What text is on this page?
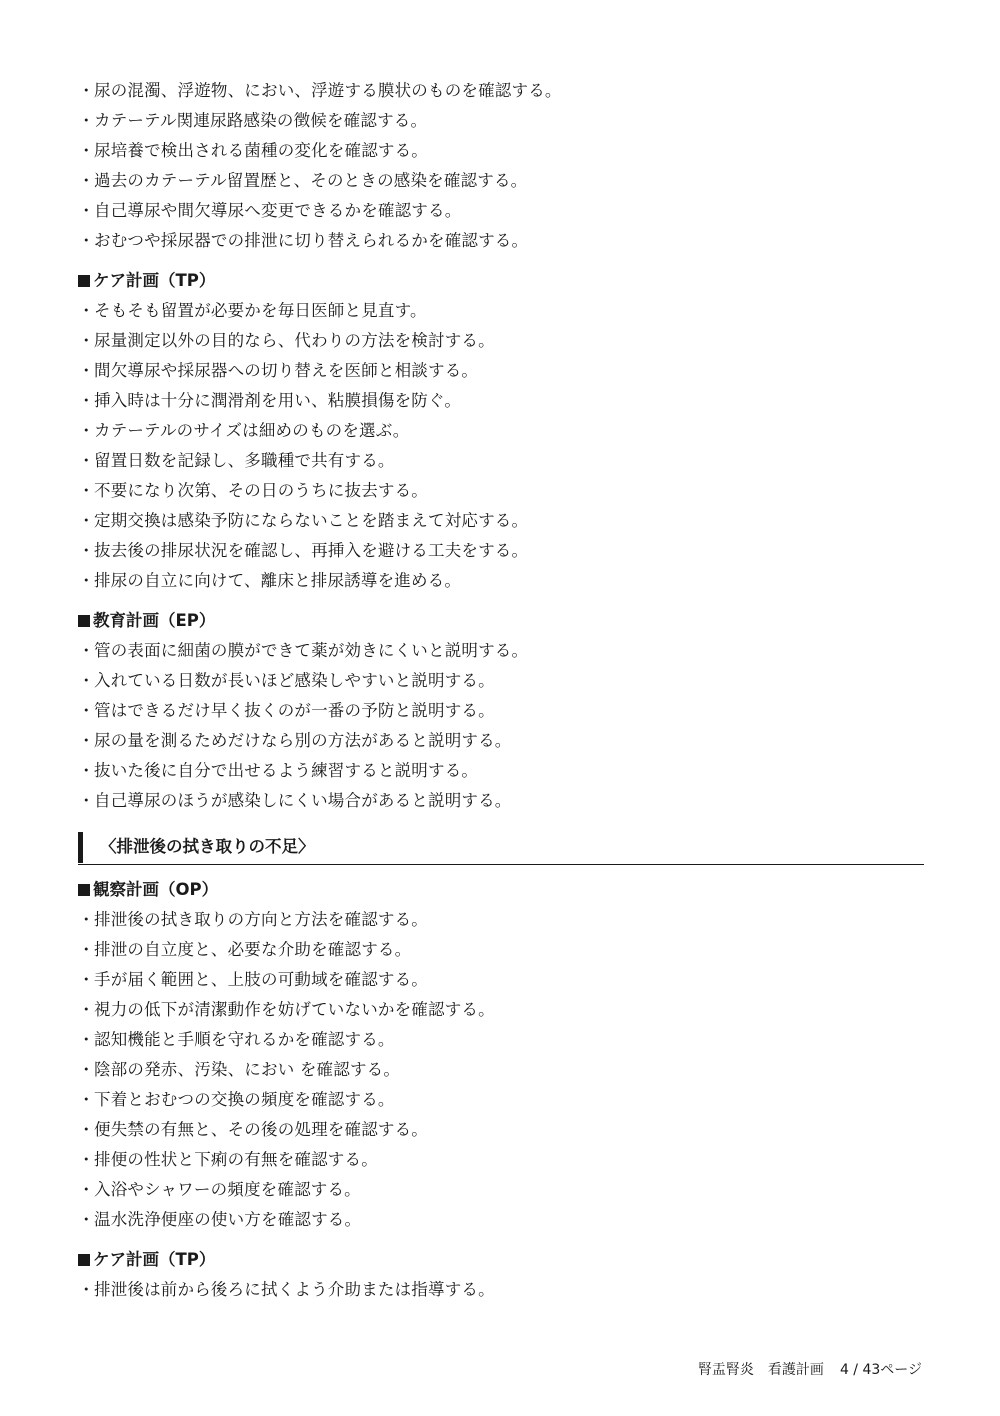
・尿の混濁、浮遊物、におい、浮遊する膜状のものを確認する。
・カテーテル関連尿路感染の徴候を確認する。
・尿培養で検出される菌種の変化を確認する。
・過去のカテーテル留置歴と、そのときの感染を確認する。
・自己導尿や間欠導尿へ変更できるかを確認する。
・おむつや採尿器での排泄に切り替えられるかを確認する。
ケア計画（TP）
・そもそも留置が必要かを毎日医師と見直す。
・尿量測定以外の目的なら、代わりの方法を検討する。
・間欠導尿や採尿器への切り替えを医師と相談する。
・挿入時は十分に潤滑剤を用い、粘膜損傷を防ぐ。
・カテーテルのサイズは細めのものを選ぶ。
・留置日数を記録し、多職種で共有する。
・不要になり次第、その日のうちに抜去する。
・定期交換は感染予防にならないことを踏まえて対応する。
・抜去後の排尿状況を確認し、再挿入を避ける工夫をする。
・排尿の自立に向けて、離床と排尿誘導を進める。
教育計画（EP）
・管の表面に細菌の膜ができて薬が効きにくいと説明する。
・入れている日数が長いほど感染しやすいと説明する。
・管はできるだけ早く抜くのが一番の予防と説明する。
・尿の量を測るためだけなら別の方法があると説明する。
・抜いた後に自分で出せるよう練習すると説明する。
・自己導尿のほうが感染しにくい場合があると説明する。
〈排泄後の拭き取りの不足〉
観察計画（OP）
・排泄後の拭き取りの方向と方法を確認する。
・排泄の自立度と、必要な介助を確認する。
・手が届く範囲と、上肢の可動域を確認する。
・視力の低下が清潔動作を妨げていないかを確認する。
・認知機能と手順を守れるかを確認する。
・陰部の発赤、汚染、におい を確認する。
・下着とおむつの交換の頻度を確認する。
・便失禁の有無と、その後の処理を確認する。
・排便の性状と下痢の有無を確認する。
・入浴やシャワーの頻度を確認する。
・温水洗浄便座の使い方を確認する。
ケア計画（TP）
・排泄後は前から後ろに拭くよう介助または指導する。
腎盂腎炎　看護計画 4 / 43ページ
